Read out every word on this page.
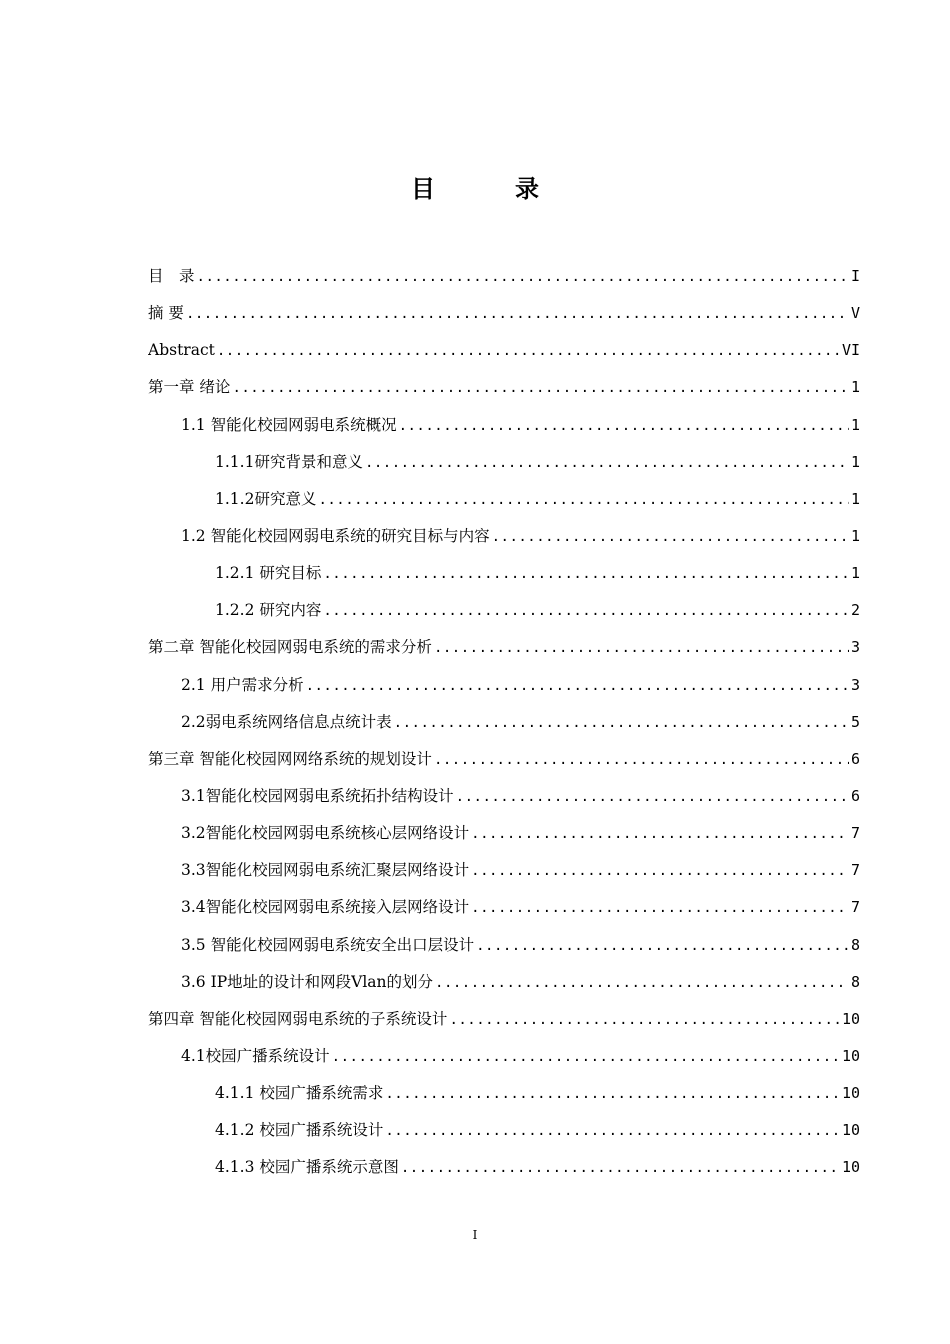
目　录
目　录 .....	I
摘 要 .....	V
Abstract .....	VI
第一章 绪论 .....	1
1.1 智能化校园网弱电系统概况 .....	1
1.1.1研究背景和意义 .....	1
1.1.2研究意义 .....	1
1.2 智能化校园网弱电系统的研究目标与内容 .....	1
1.2.1 研究目标 .....	1
1.2.2 研究内容 .....	2
第二章 智能化校园网弱电系统的需求分析 .....	3
2.1 用户需求分析 .....	3
2.2弱电系统网络信息点统计表 .....	5
第三章 智能化校园网网络系统的规划设计 .....	6
3.1智能化校园网弱电系统拓扑结构设计 .....	6
3.2智能化校园网弱电系统核心层网络设计 .....	7
3.3智能化校园网弱电系统汇聚层网络设计 .....	7
3.4智能化校园网弱电系统接入层网络设计 .....	7
3.5 智能化校园网弱电系统安全出口层设计 .....	8
3.6 IP地址的设计和网段Vlan的划分 .....	8
第四章 智能化校园网弱电系统的子系统设计 .....	10
4.1校园广播系统设计 .....	10
4.1.1 校园广播系统需求 .....	10
4.1.2 校园广播系统设计 .....	10
4.1.3 校园广播系统示意图 .....	10
I
